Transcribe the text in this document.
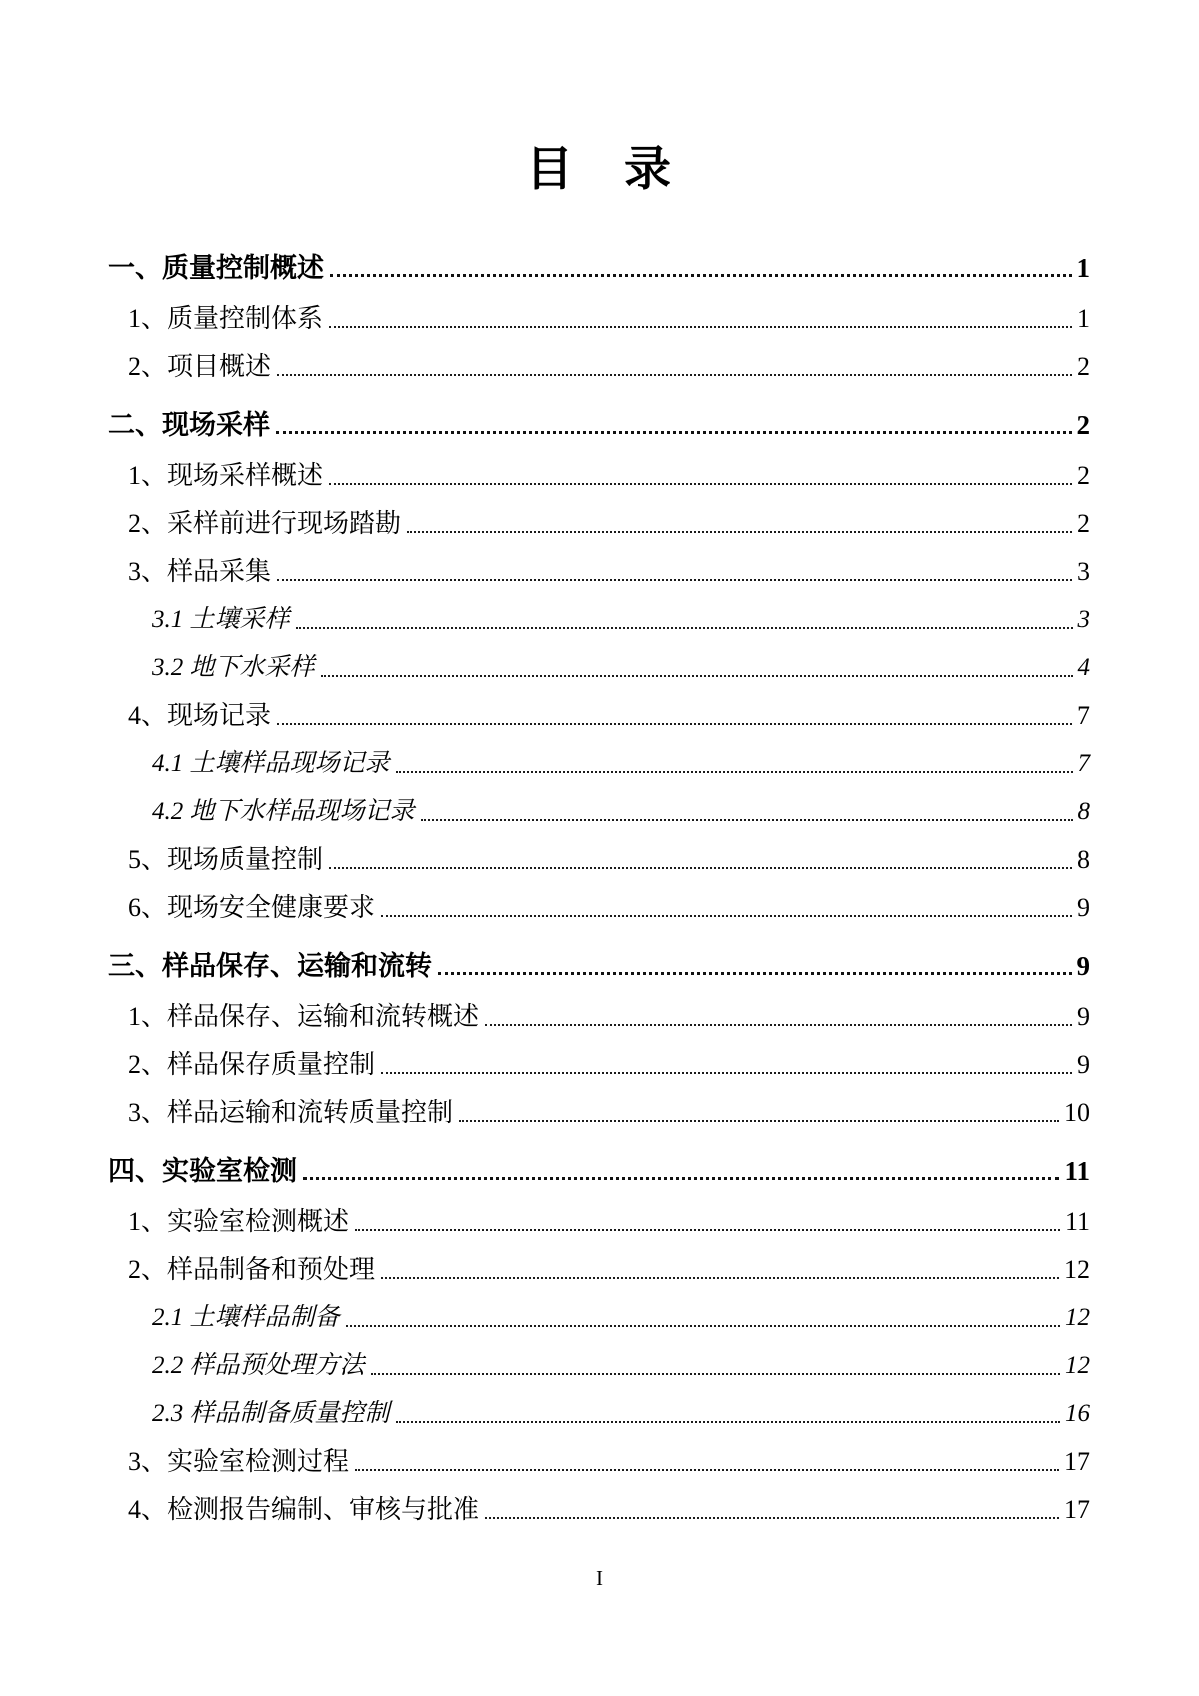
目　录
一、质量控制概述	1
1、质量控制体系	1
2、项目概述	2
二、现场采样	2
1、现场采样概述	2
2、采样前进行现场踏勘	2
3、样品采集	3
3.1 土壤采样	3
3.2 地下水采样	4
4、现场记录	7
4.1 土壤样品现场记录	7
4.2 地下水样品现场记录	8
5、现场质量控制	8
6、现场安全健康要求	9
三、样品保存、运输和流转	9
1、样品保存、运输和流转概述	9
2、样品保存质量控制	9
3、样品运输和流转质量控制	10
四、实验室检测	11
1、实验室检测概述	11
2、样品制备和预处理	12
2.1 土壤样品制备	12
2.2 样品预处理方法	12
2.3 样品制备质量控制	16
3、实验室检测过程	17
4、检测报告编制、审核与批准	17
I
